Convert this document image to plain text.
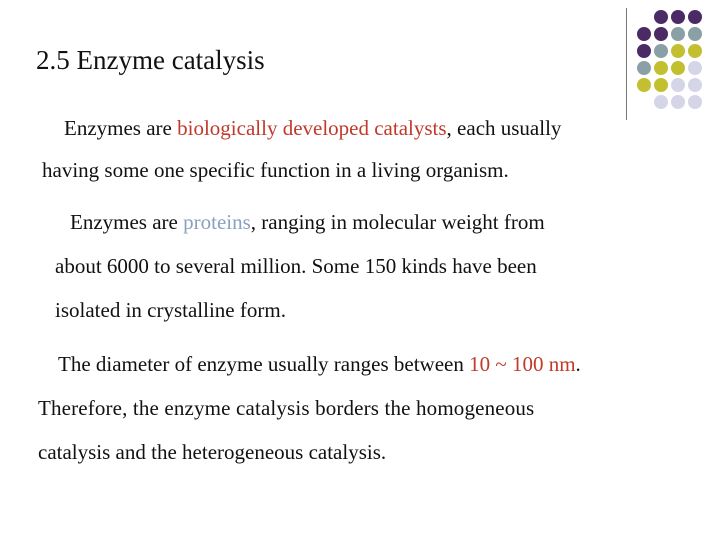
2.5 Enzyme catalysis
Enzymes are biologically developed catalysts, each usually
having some one specific function in a living organism.
Enzymes are proteins, ranging in molecular weight from
about 6000 to several million. Some 150 kinds have been
isolated in crystalline form.
The diameter of enzyme usually ranges between 10 ~ 100 nm.
Therefore, the enzyme catalysis borders the homogeneous
catalysis and the heterogeneous catalysis.
